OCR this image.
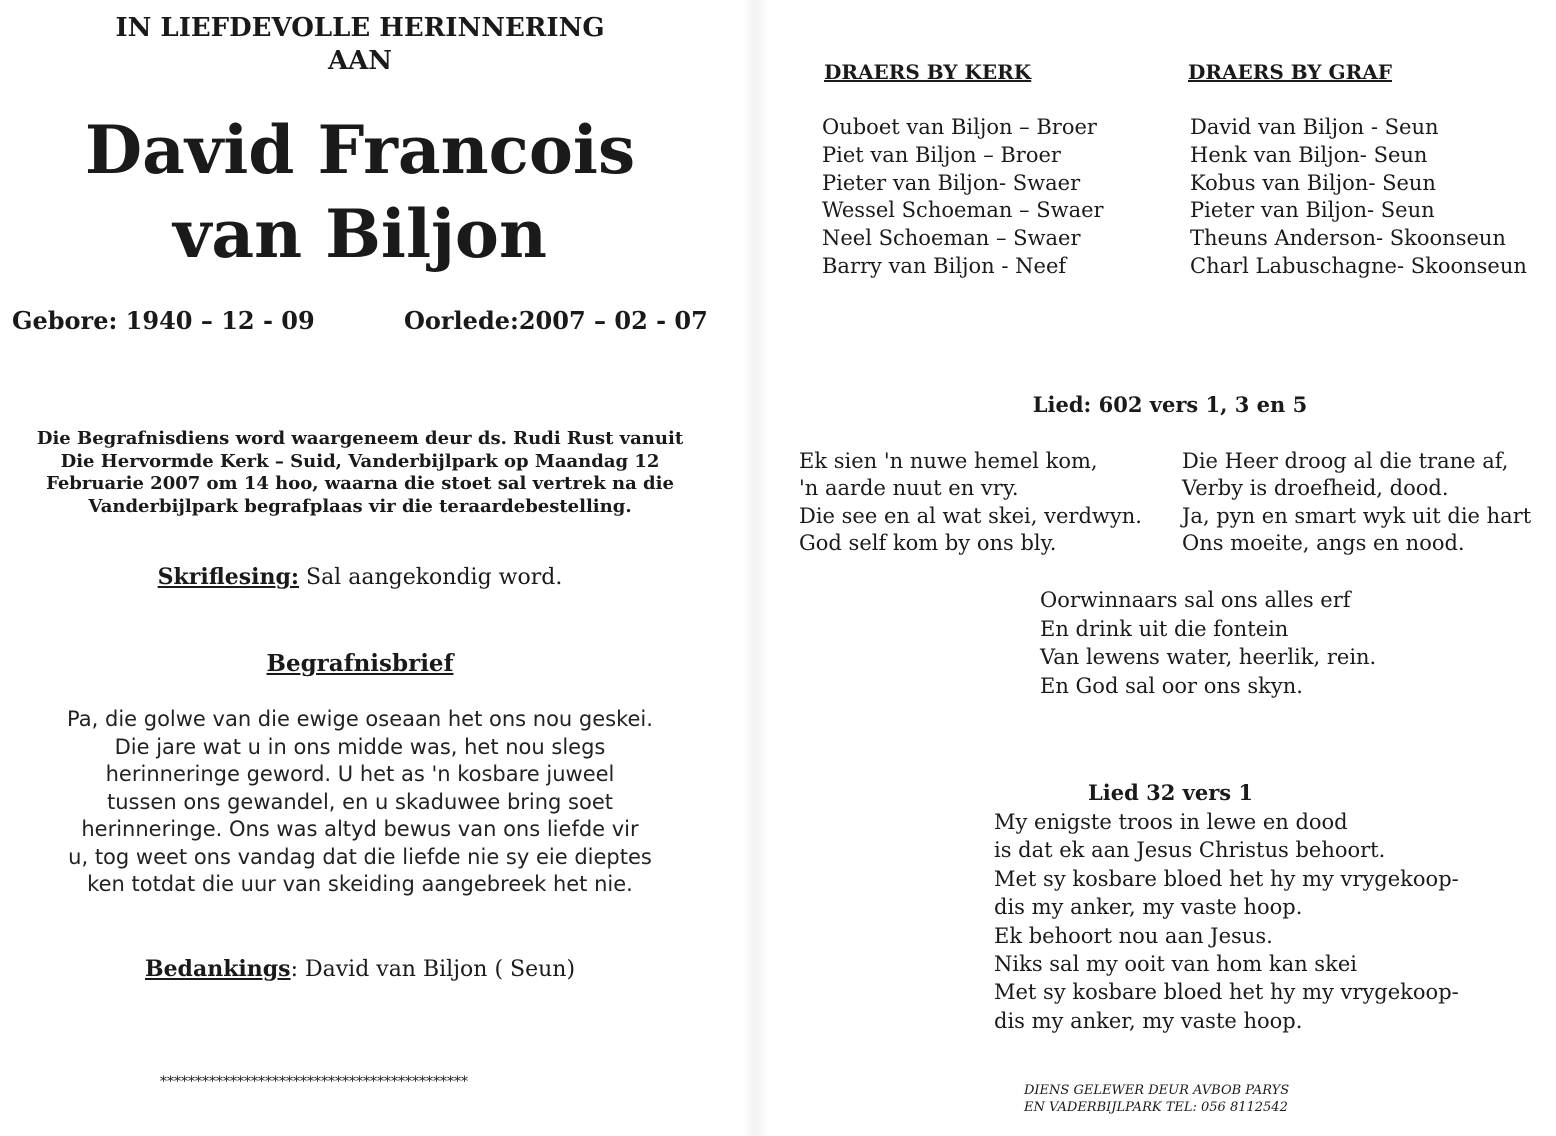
IN LIEFDEVOLLE HERINNERING
AAN
David Francois
van Biljon
Gebore: 1940 – 12 - 09	Oorlede:2007 – 02 - 07
Die Begrafnisdiens word waargeneem deur ds. Rudi Rust vanuit
Die Hervormde Kerk – Suid, Vanderbijlpark op Maandag 12
Februarie 2007 om 14 hoo, waarna die stoet sal vertrek na die
Vanderbijlpark begrafplaas vir die teraardebestelling.
Skriflesing: Sal aangekondig word.
Begrafnisbrief
Pa, die golwe van die ewige oseaan het ons nou geskei.
Die jare wat u in ons midde was, het nou slegs
herinneringe geword. U het as 'n kosbare juweel
tussen ons gewandel, en u skaduwee bring soet
herinneringe. Ons was altyd bewus van ons liefde vir
u, tog weet ons vandag dat die liefde nie sy eie dieptes
ken totdat die uur van skeiding aangebreek het nie.
Bedankings: David van Biljon ( Seun)
********************************************
DRAERS BY KERK	DRAERS BY GRAF
Ouboet van Biljon – Broer
Piet van Biljon – Broer
Pieter van Biljon- Swaer
Wessel Schoeman – Swaer
Neel Schoeman – Swaer
Barry van Biljon - Neef
David van Biljon - Seun
Henk van Biljon- Seun
Kobus van Biljon- Seun
Pieter van Biljon- Seun
Theuns Anderson- Skoonseun
Charl Labuschagne- Skoonseun
Lied: 602 vers 1, 3 en 5
Ek sien 'n nuwe hemel kom,
'n aarde nuut en vry.
Die see en al wat skei, verdwyn.
God self kom by ons bly.
Die Heer droog al die trane af,
Verby is droefheid, dood.
Ja, pyn en smart wyk uit die hart
Ons moeite, angs en nood.
Oorwinnaars sal ons alles erf
En drink uit die fontein
Van lewens water, heerlik, rein.
En God sal oor ons skyn.
Lied 32 vers 1
My enigste troos in lewe en dood
is dat ek aan Jesus Christus behoort.
Met sy kosbare bloed het hy my vrygekoop-
dis my anker, my vaste hoop.
Ek behoort nou aan Jesus.
Niks sal my ooit van hom kan skei
Met sy kosbare bloed het hy my vrygekoop-
dis my anker, my vaste hoop.
DIENS GELEWER DEUR AVBOB PARYS
EN VADERBIJLPARK TEL: 056 8112542
